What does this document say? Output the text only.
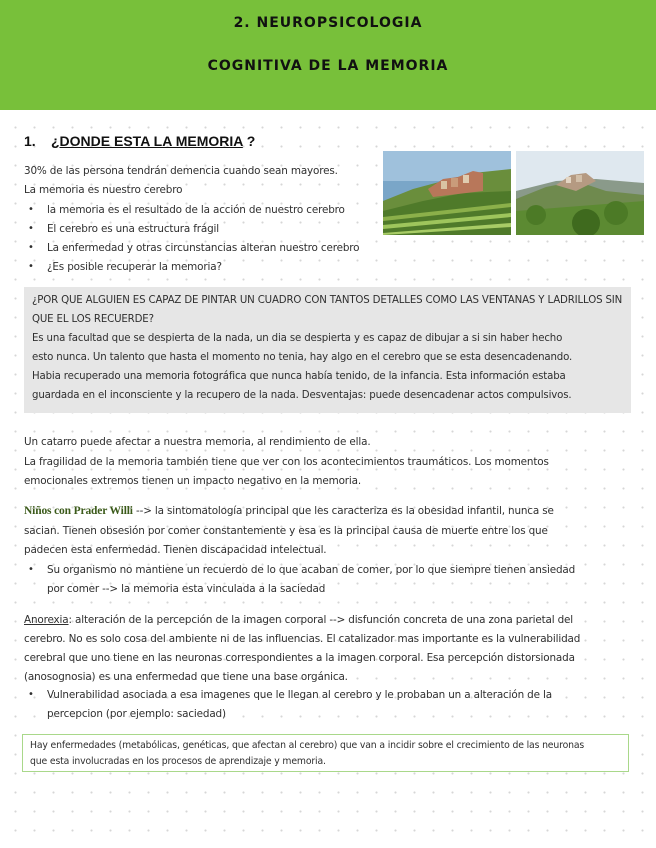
2. NEUROPSICOLOGIA
COGNITIVA DE LA MEMORIA
1. ¿DONDE ESTA LA MEMORIA ?
30% de las persona tendrán demencia cuando sean mayores.
La memoria es nuestro cerebro
• la memoria es el resultado de la acción de nuestro cerebro
• El cerebro es una estructura frágil
• La enfermedad y otras circunstancias alteran nuestro cerebro
• ¿Es posible recuperar la memoria?
¿POR QUE ALGUIEN ES CAPAZ DE PINTAR UN CUADRO CON TANTOS DETALLES COMO LAS VENTANAS Y LADRILLOS SIN
QUE EL LOS RECUERDE?
Es una facultad que se despierta de la nada, un dia se despierta y es capaz de dibujar a si sin haber hecho
esto nunca. Un talento que hasta el momento no tenia, hay algo en el cerebro que se esta desencadenando.
Habia recuperado una memoria fotográfica que nunca había tenido, de la infancia. Esta información estaba
guardada en el inconsciente y la recupero de la nada. Desventajas: puede desencadenar actos compulsivos.
Un catarro puede afectar a nuestra memoria, al rendimiento de ella.
La fragilidad de la memoria también tiene que ver con los acontecimientos traumáticos. Los momentos
emocionales extremos tienen un impacto negativo en la memoria.
Niños con Prader Willi --> la sintomatología principal que les caracteriza es la obesidad infantil, nunca se
sacian. Tienen obsesión por comer constantemente y esa es la principal causa de muerte entre los que
padecen esta enfermedad. Tienen discapacidad intelectual.
• Su organismo no mantiene un recuerdo de lo que acaban de comer, por lo que siempre tienen ansiedad
por comer --> la memoria esta vinculada a la saciedad
Anorexia: alteración de la percepción de la imagen corporal --> disfunción concreta de una zona parietal del
cerebro. No es solo cosa del ambiente ni de las influencias. El catalizador mas importante es la vulnerabilidad
cerebral que uno tiene en las neuronas correspondientes a la imagen corporal. Esa percepción distorsionada
(anosognosia) es una enfermedad que tiene una base orgánica.
• Vulnerabilidad asociada a esa imagenes que le llegan al cerebro y le probaban un a alteración de la
percepcion (por ejemplo: saciedad)
Hay enfermedades (metabólicas, genéticas, que afectan al cerebro) que van a incidir sobre el crecimiento de las neuronas
que esta involucradas en los procesos de aprendizaje y memoria.
